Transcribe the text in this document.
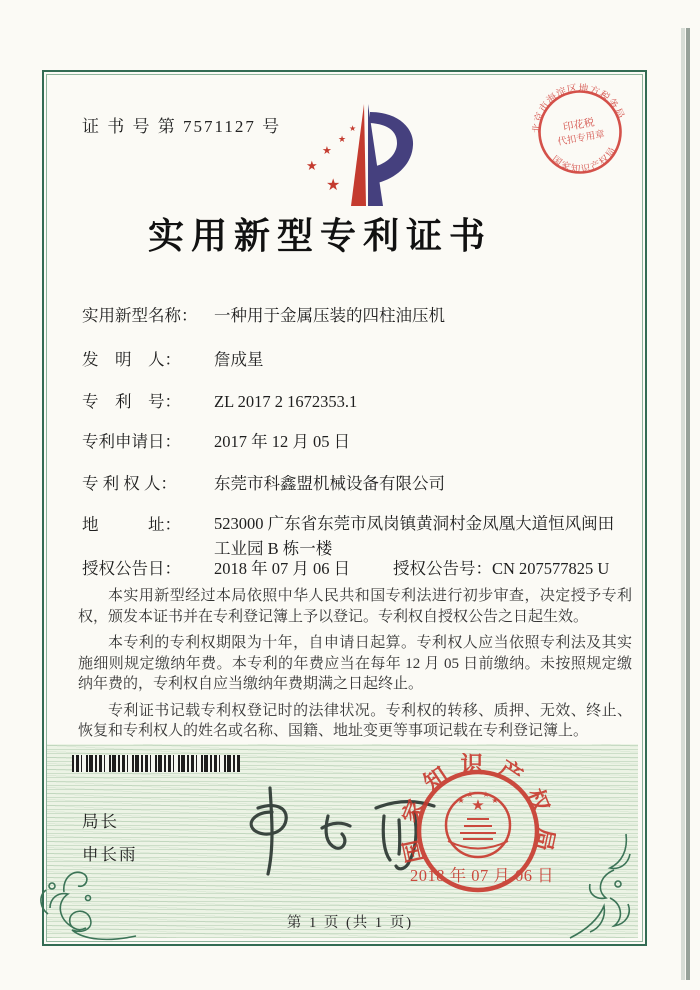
证 书 号 第 7571127 号
★
★
★
★
★	北京市海淀区地方税务局
国家知识产权局
印花税
代扣专用章
实用新型专利证书
实用新型名称： 一种用于金属压装的四柱油压机
发　明　人： 詹成星
专　利　号： ZL 2017 2 1672353.1
专利申请日： 2017 年 12 月 05 日
专 利 权 人： 东莞市科鑫盟机械设备有限公司
地　　　址： 523000 广东省东莞市凤岗镇黄洞村金凤凰大道恒风闽田
工业园 B 栋一楼
授权公告日： 2018 年 07 月 06 日	授权公告号：CN 207577825 U

本实用新型经过本局依照中华人民共和国专利法进行初步审查，决定授予专利权，颁发本证书并在专利登记簿上予以登记。专利权自授权公告之日起生效。

本专利的专利权期限为十年，自申请日起算。专利权人应当依照专利法及其实施细则规定缴纳年费。本专利的年费应当在每年 12 月 05 日前缴纳。未按照规定缴纳年费的，专利权自应当缴纳年费期满之日起终止。

专利证书记载专利权登记时的法律状况。专利权的转移、质押、无效、终止、恢复和专利权人的姓名或名称、国籍、地址变更等事项记载在专利登记簿上。

局长
申长雨	国家知识产权局
★
★
★ ★
★
2018 年 07 月 06 日
第 1 页 (共 1 页)
